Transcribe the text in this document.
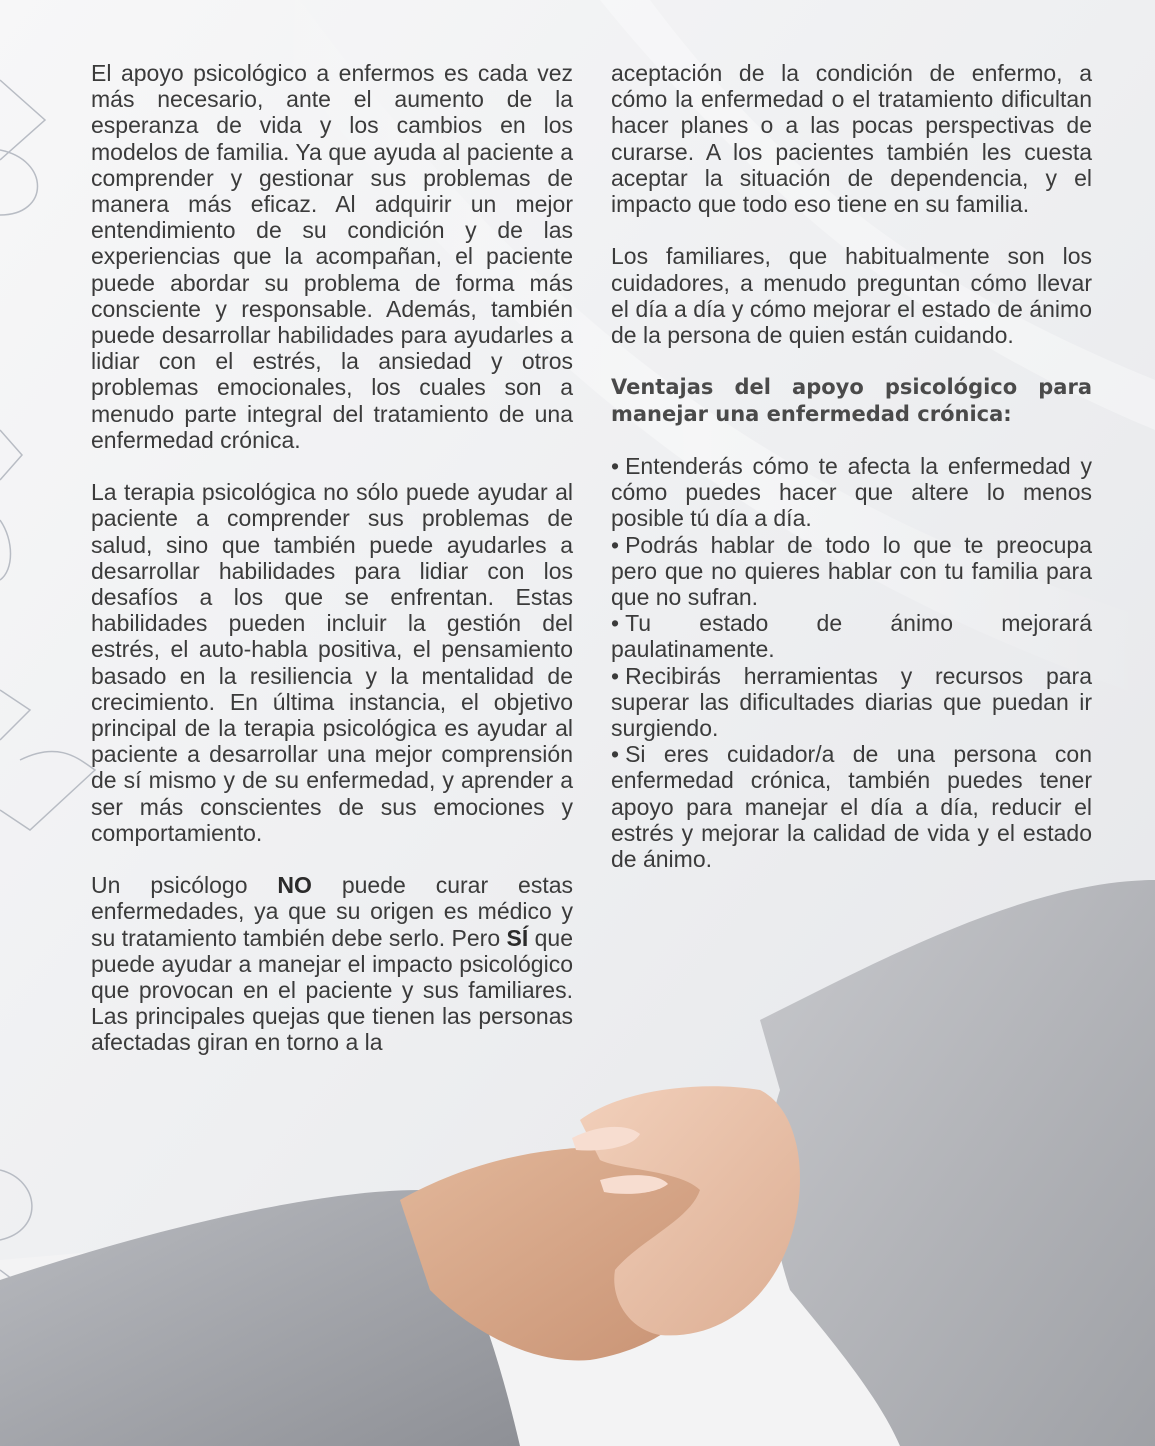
El apoyo psicológico a enfermos es cada vez más necesario, ante el aumento de la esperanza de vida y los cambios en los modelos de familia. Ya que ayuda al paciente a comprender y gestionar sus problemas de manera más eficaz. Al adquirir un mejor entendimiento de su condición y de las experiencias que la acompañan, el paciente puede abordar su problema de forma más consciente y responsable. Además, también puede desarrollar habilidades para ayudarles a lidiar con el estrés, la ansiedad y otros problemas emocionales, los cuales son a menudo parte integral del tratamiento de una enfermedad crónica.

La terapia psicológica no sólo puede ayudar al paciente a comprender sus problemas de salud, sino que también puede ayudarles a desarrollar habilidades para lidiar con los desafíos a los que se enfrentan. Estas habilidades pueden incluir la gestión del estrés, el auto-habla positiva, el pensamiento basado en la resiliencia y la mentalidad de crecimiento. En última instancia, el objetivo principal de la terapia psicológica es ayudar al paciente a desarrollar una mejor comprensión de sí mismo y de su enfermedad, y aprender a ser más conscientes de sus emociones y comportamiento.

Un psicólogo NO puede curar estas enfermedades, ya que su origen es médico y su tratamiento también debe serlo. Pero SÍ que puede ayudar a manejar el impacto psicológico que provocan en el paciente y sus familiares. Las principales quejas que tienen las personas afectadas giran en torno a la

aceptación de la condición de enfermo, a cómo la enfermedad o el tratamiento dificultan hacer planes o a las pocas perspectivas de curarse. A los pacientes también les cuesta aceptar la situación de dependencia, y el impacto que todo eso tiene en su familia.

Los familiares, que habitualmente son los cuidadores, a menudo preguntan cómo llevar el día a día y cómo mejorar el estado de ánimo de la persona de quien están cuidando.

Ventajas del apoyo psicológico para manejar una enfermedad crónica:
• Entenderás cómo te afecta la enfermedad y cómo puedes hacer que altere lo menos posible tú día a día.
• Podrás hablar de todo lo que te preocupa pero que no quieres hablar con tu familia para que no sufran.
• Tu estado de ánimo mejorará paulatinamente.
• Recibirás herramientas y recursos para superar las dificultades diarias que puedan ir surgiendo.
• Si eres cuidador/a de una persona con enfermedad crónica, también puedes tener apoyo para manejar el día a día, reducir el estrés y mejorar la calidad de vida y el estado de ánimo.
